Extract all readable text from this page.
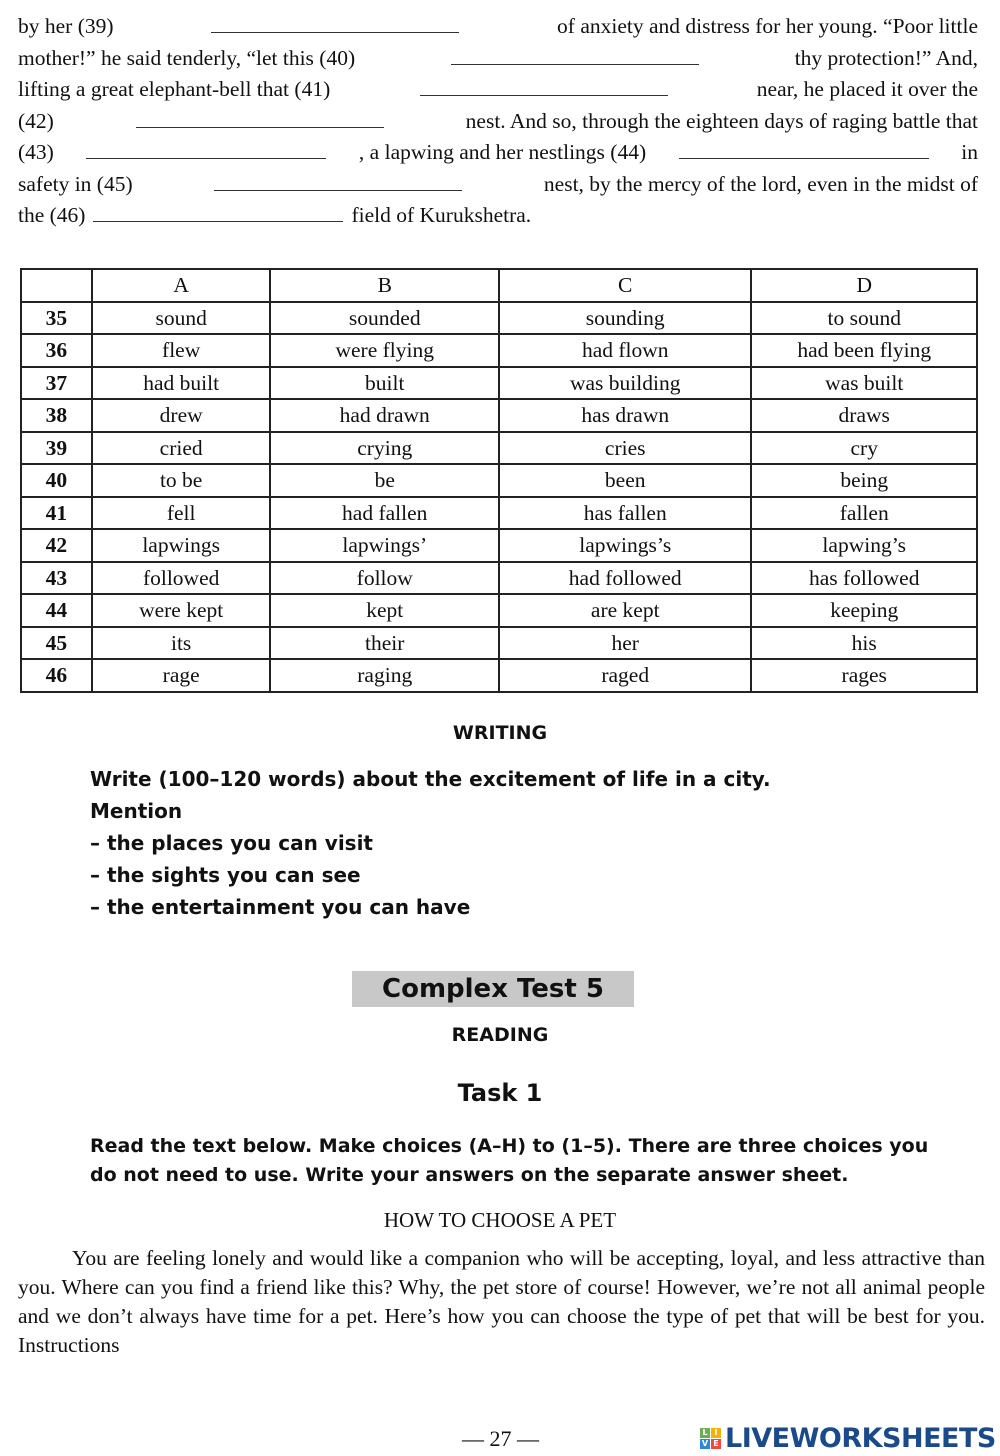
by her (39)	of anxiety and distress for her young. “Poor little
mother!” he said tenderly, “let this (40)	thy protection!” And,
lifting a great elephant-bell that (41)	near, he placed it over the
(42)	nest. And so, through the eighteen days of raging battle that
(43)	, a lapwing and her nestlings (44)	in
safety in (45)	nest, by the mercy of the lord, even in the midst of
the (46)	field of Kurukshetra.
	A	B	C	D
35	sound	sounded	sounding	to sound
36	flew	were flying	had flown	had been flying
37	had built	built	was building	was built
38	drew	had drawn	has drawn	draws
39	cried	crying	cries	cry
40	to be	be	been	being
41	fell	had fallen	has fallen	fallen
42	lapwings	lapwings’	lapwings’s	lapwing’s
43	followed	follow	had followed	has followed
44	were kept	kept	are kept	keeping
45	its	their	her	his
46	rage	raging	raged	rages
WRITING
Write (100–120 words) about the excitement of life in a city.
Mention
– the places you can visit
– the sights you can see
– the entertainment you can have
Complex Test 5
READING
Task 1
Read the text below. Make choices (A–H) to (1–5). There are three choices you
do not need to use. Write your answers on the separate answer sheet.
HOW TO CHOOSE A PET
You are feeling lonely and would like a companion who will be accepting, loyal, and less attractive than you. Where can you find a friend like this? Why, the pet store of course! However, we’re not all animal people and we don’t always have time for a pet. Here’s how you can choose the type of pet that will be best for you. Instructions
— 27 —	L I
V E LIVEWORKSHEETS
